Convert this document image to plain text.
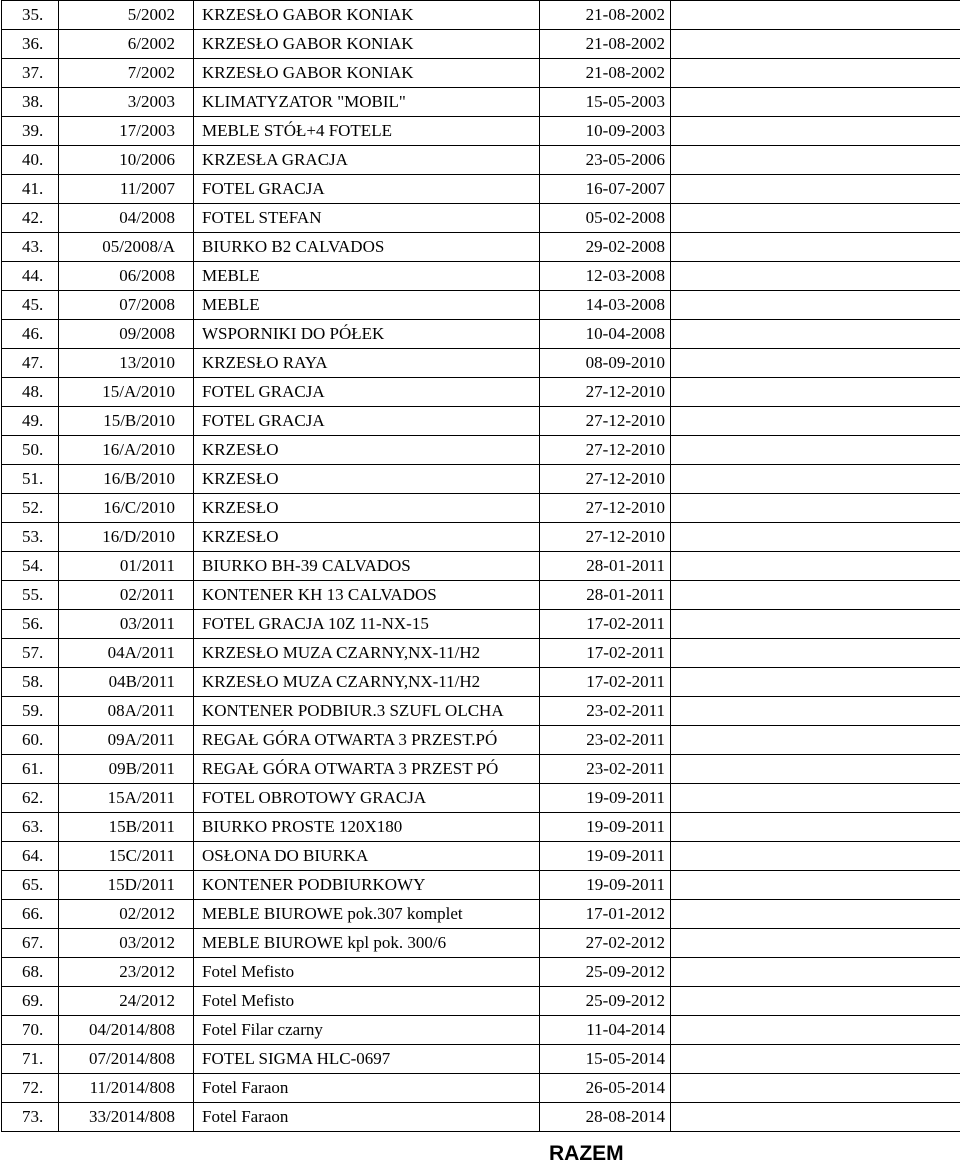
35.	5/2002	KRZESŁO GABOR KONIAK	21-08-2002	
36.	6/2002	KRZESŁO GABOR KONIAK	21-08-2002	
37.	7/2002	KRZESŁO GABOR KONIAK	21-08-2002	
38.	3/2003	KLIMATYZATOR "MOBIL"	15-05-2003	
39.	17/2003	MEBLE STÓŁ+4 FOTELE	10-09-2003	
40.	10/2006	KRZESŁA GRACJA	23-05-2006	
41.	11/2007	FOTEL GRACJA	16-07-2007	
42.	04/2008	FOTEL STEFAN	05-02-2008	
43.	05/2008/A	BIURKO B2 CALVADOS	29-02-2008	
44.	06/2008	MEBLE	12-03-2008	
45.	07/2008	MEBLE	14-03-2008	
46.	09/2008	WSPORNIKI DO PÓŁEK	10-04-2008	
47.	13/2010	KRZESŁO RAYA	08-09-2010	
48.	15/A/2010	FOTEL GRACJA	27-12-2010	
49.	15/B/2010	FOTEL GRACJA	27-12-2010	
50.	16/A/2010	KRZESŁO	27-12-2010	
51.	16/B/2010	KRZESŁO	27-12-2010	
52.	16/C/2010	KRZESŁO	27-12-2010	
53.	16/D/2010	KRZESŁO	27-12-2010	
54.	01/2011	BIURKO BH-39 CALVADOS	28-01-2011	
55.	02/2011	KONTENER KH 13 CALVADOS	28-01-2011	
56.	03/2011	FOTEL GRACJA 10Z 11-NX-15	17-02-2011	
57.	04A/2011	KRZESŁO MUZA CZARNY,NX-11/H2	17-02-2011	
58.	04B/2011	KRZESŁO MUZA CZARNY,NX-11/H2	17-02-2011	
59.	08A/2011	KONTENER PODBIUR.3 SZUFL OLCHA	23-02-2011	
60.	09A/2011	REGAŁ GÓRA OTWARTA 3 PRZEST.PÓ	23-02-2011	
61.	09B/2011	REGAŁ GÓRA OTWARTA 3 PRZEST PÓ	23-02-2011	
62.	15A/2011	FOTEL OBROTOWY GRACJA	19-09-2011	
63.	15B/2011	BIURKO PROSTE 120X180	19-09-2011	
64.	15C/2011	OSŁONA DO BIURKA	19-09-2011	
65.	15D/2011	KONTENER PODBIURKOWY	19-09-2011	
66.	02/2012	MEBLE BIUROWE pok.307 komplet	17-01-2012	
67.	03/2012	MEBLE BIUROWE kpl pok. 300/6	27-02-2012	
68.	23/2012	Fotel Mefisto	25-09-2012	
69.	24/2012	Fotel Mefisto	25-09-2012	
70.	04/2014/808	Fotel Filar czarny	11-04-2014	
71.	07/2014/808	FOTEL SIGMA HLC-0697	15-05-2014	
72.	11/2014/808	Fotel Faraon	26-05-2014	
73.	33/2014/808	Fotel Faraon	28-08-2014	
RAZEM
